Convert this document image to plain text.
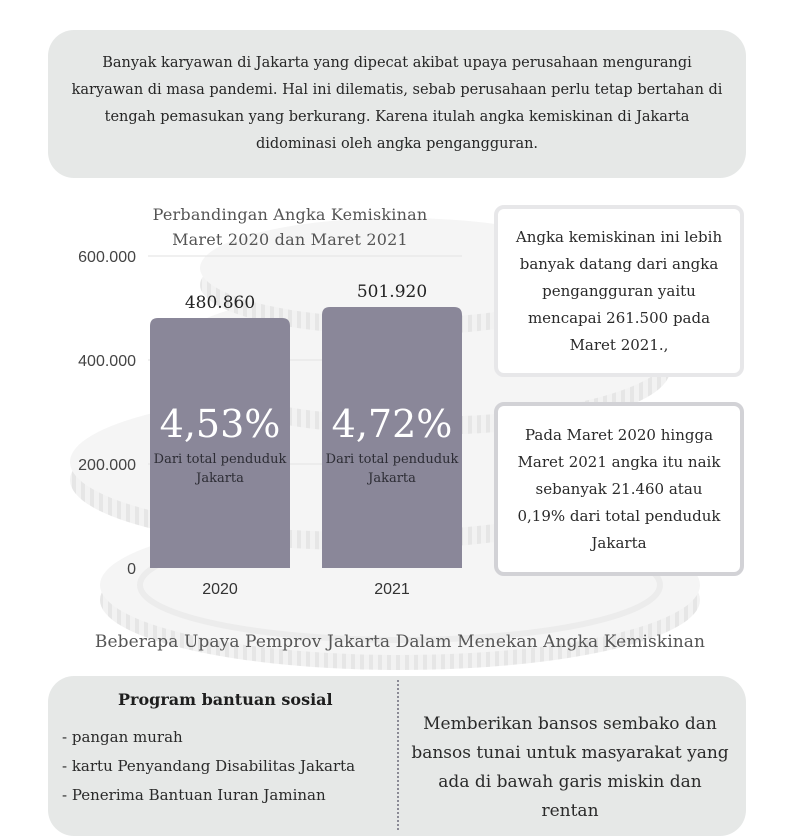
Banyak karyawan di Jakarta yang dipecat akibat upaya perusahaan mengurangi karyawan di masa pandemi. Hal ini dilematis, sebab perusahaan perlu tetap bertahan di tengah pemasukan yang berkurang. Karena itulah angka kemiskinan di Jakarta didominasi oleh angka pengangguran.

Perbandingan Angka Kemiskinan
Maret 2020 dan Maret 2021
0
200.000
400.000
600.000
480.860
4,53%
Dari total penduduk
Jakarta
2020
501.920
4,72%
Dari total penduduk
Jakarta
2021

Angka kemiskinan ini lebih banyak datang dari angka pengangguran yaitu mencapai 261.500 pada Maret 2021.,

Pada Maret 2020 hingga Maret 2021 angka itu naik sebanyak 21.460 atau 0,19% dari total penduduk Jakarta

Beberapa Upaya Pemprov Jakarta Dalam Menekan Angka Kemiskinan
Program bantuan sosial
- pangan murah
- kartu Penyandang Disabilitas Jakarta
- Penerima Bantuan Iuran Jaminan
Memberikan bansos sembako dan bansos tunai untuk masyarakat yang ada di bawah garis miskin dan rentan
